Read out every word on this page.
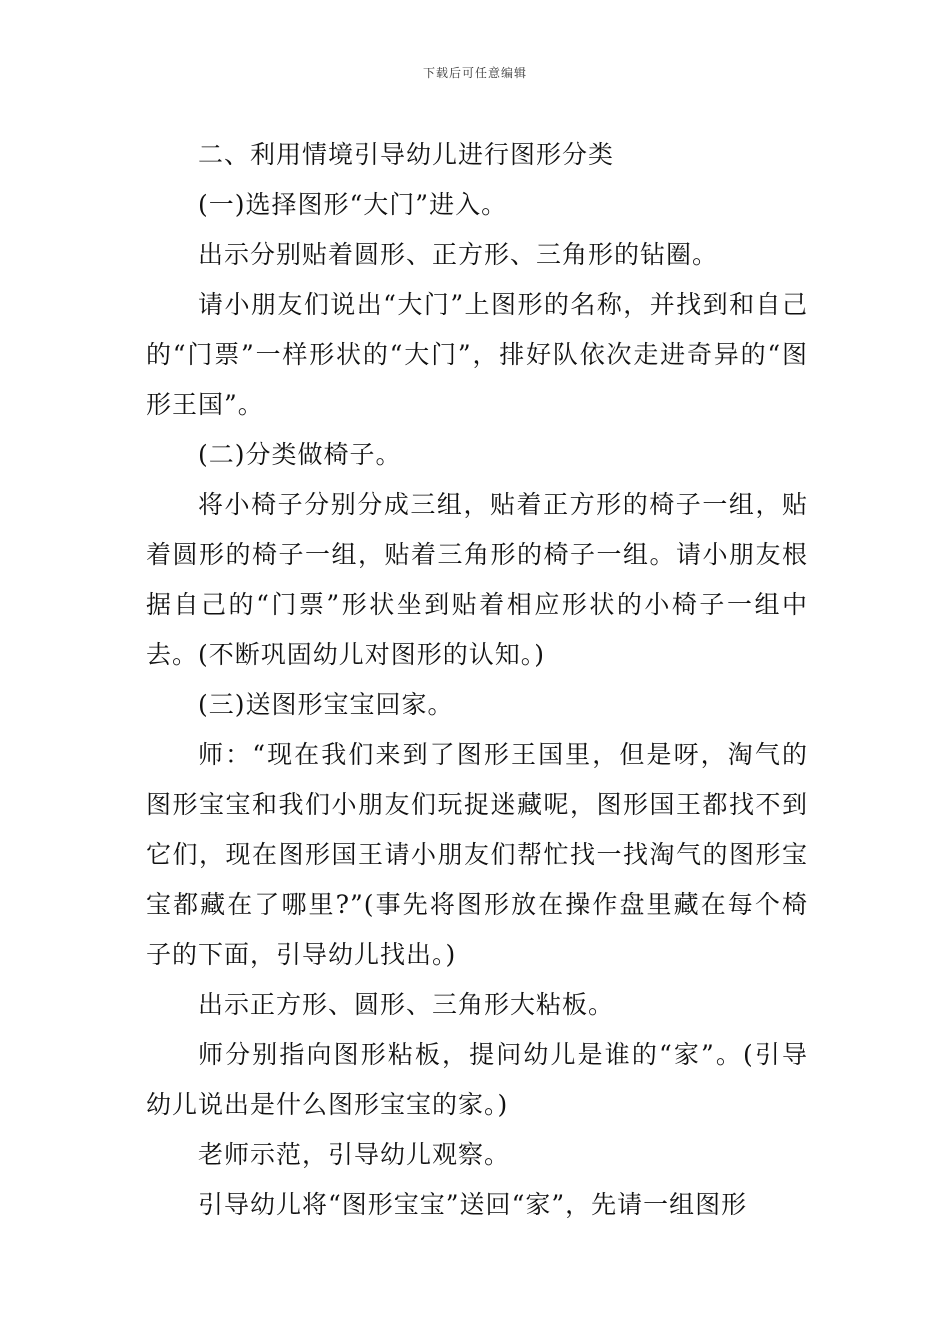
下载后可任意编辑

二、利用情境引导幼儿进行图形分类

(一)选择图形“大门”进入。

出示分别贴着圆形、正方形、三角形的钻圈。

请小朋友们说出“大门”上图形的名称，并找到和自己的“门票”一样形状的“大门”，排好队依次走进奇异的“图形王国”。

(二)分类做椅子。

将小椅子分别分成三组，贴着正方形的椅子一组，贴着圆形的椅子一组，贴着三角形的椅子一组。请小朋友根据自己的“门票”形状坐到贴着相应形状的小椅子一组中去。(不断巩固幼儿对图形的认知。)

(三)送图形宝宝回家。

师：“现在我们来到了图形王国里，但是呀，淘气的图形宝宝和我们小朋友们玩捉迷藏呢，图形国王都找不到它们，现在图形国王请小朋友们帮忙找一找淘气的图形宝宝都藏在了哪里?”(事先将图形放在操作盘里藏在每个椅子的下面，引导幼儿找出。)

出示正方形、圆形、三角形大粘板。

师分别指向图形粘板，提问幼儿是谁的“家”。(引导幼儿说出是什么图形宝宝的家。)

老师示范，引导幼儿观察。

引导幼儿将“图形宝宝”送回“家”，先请一组图形
